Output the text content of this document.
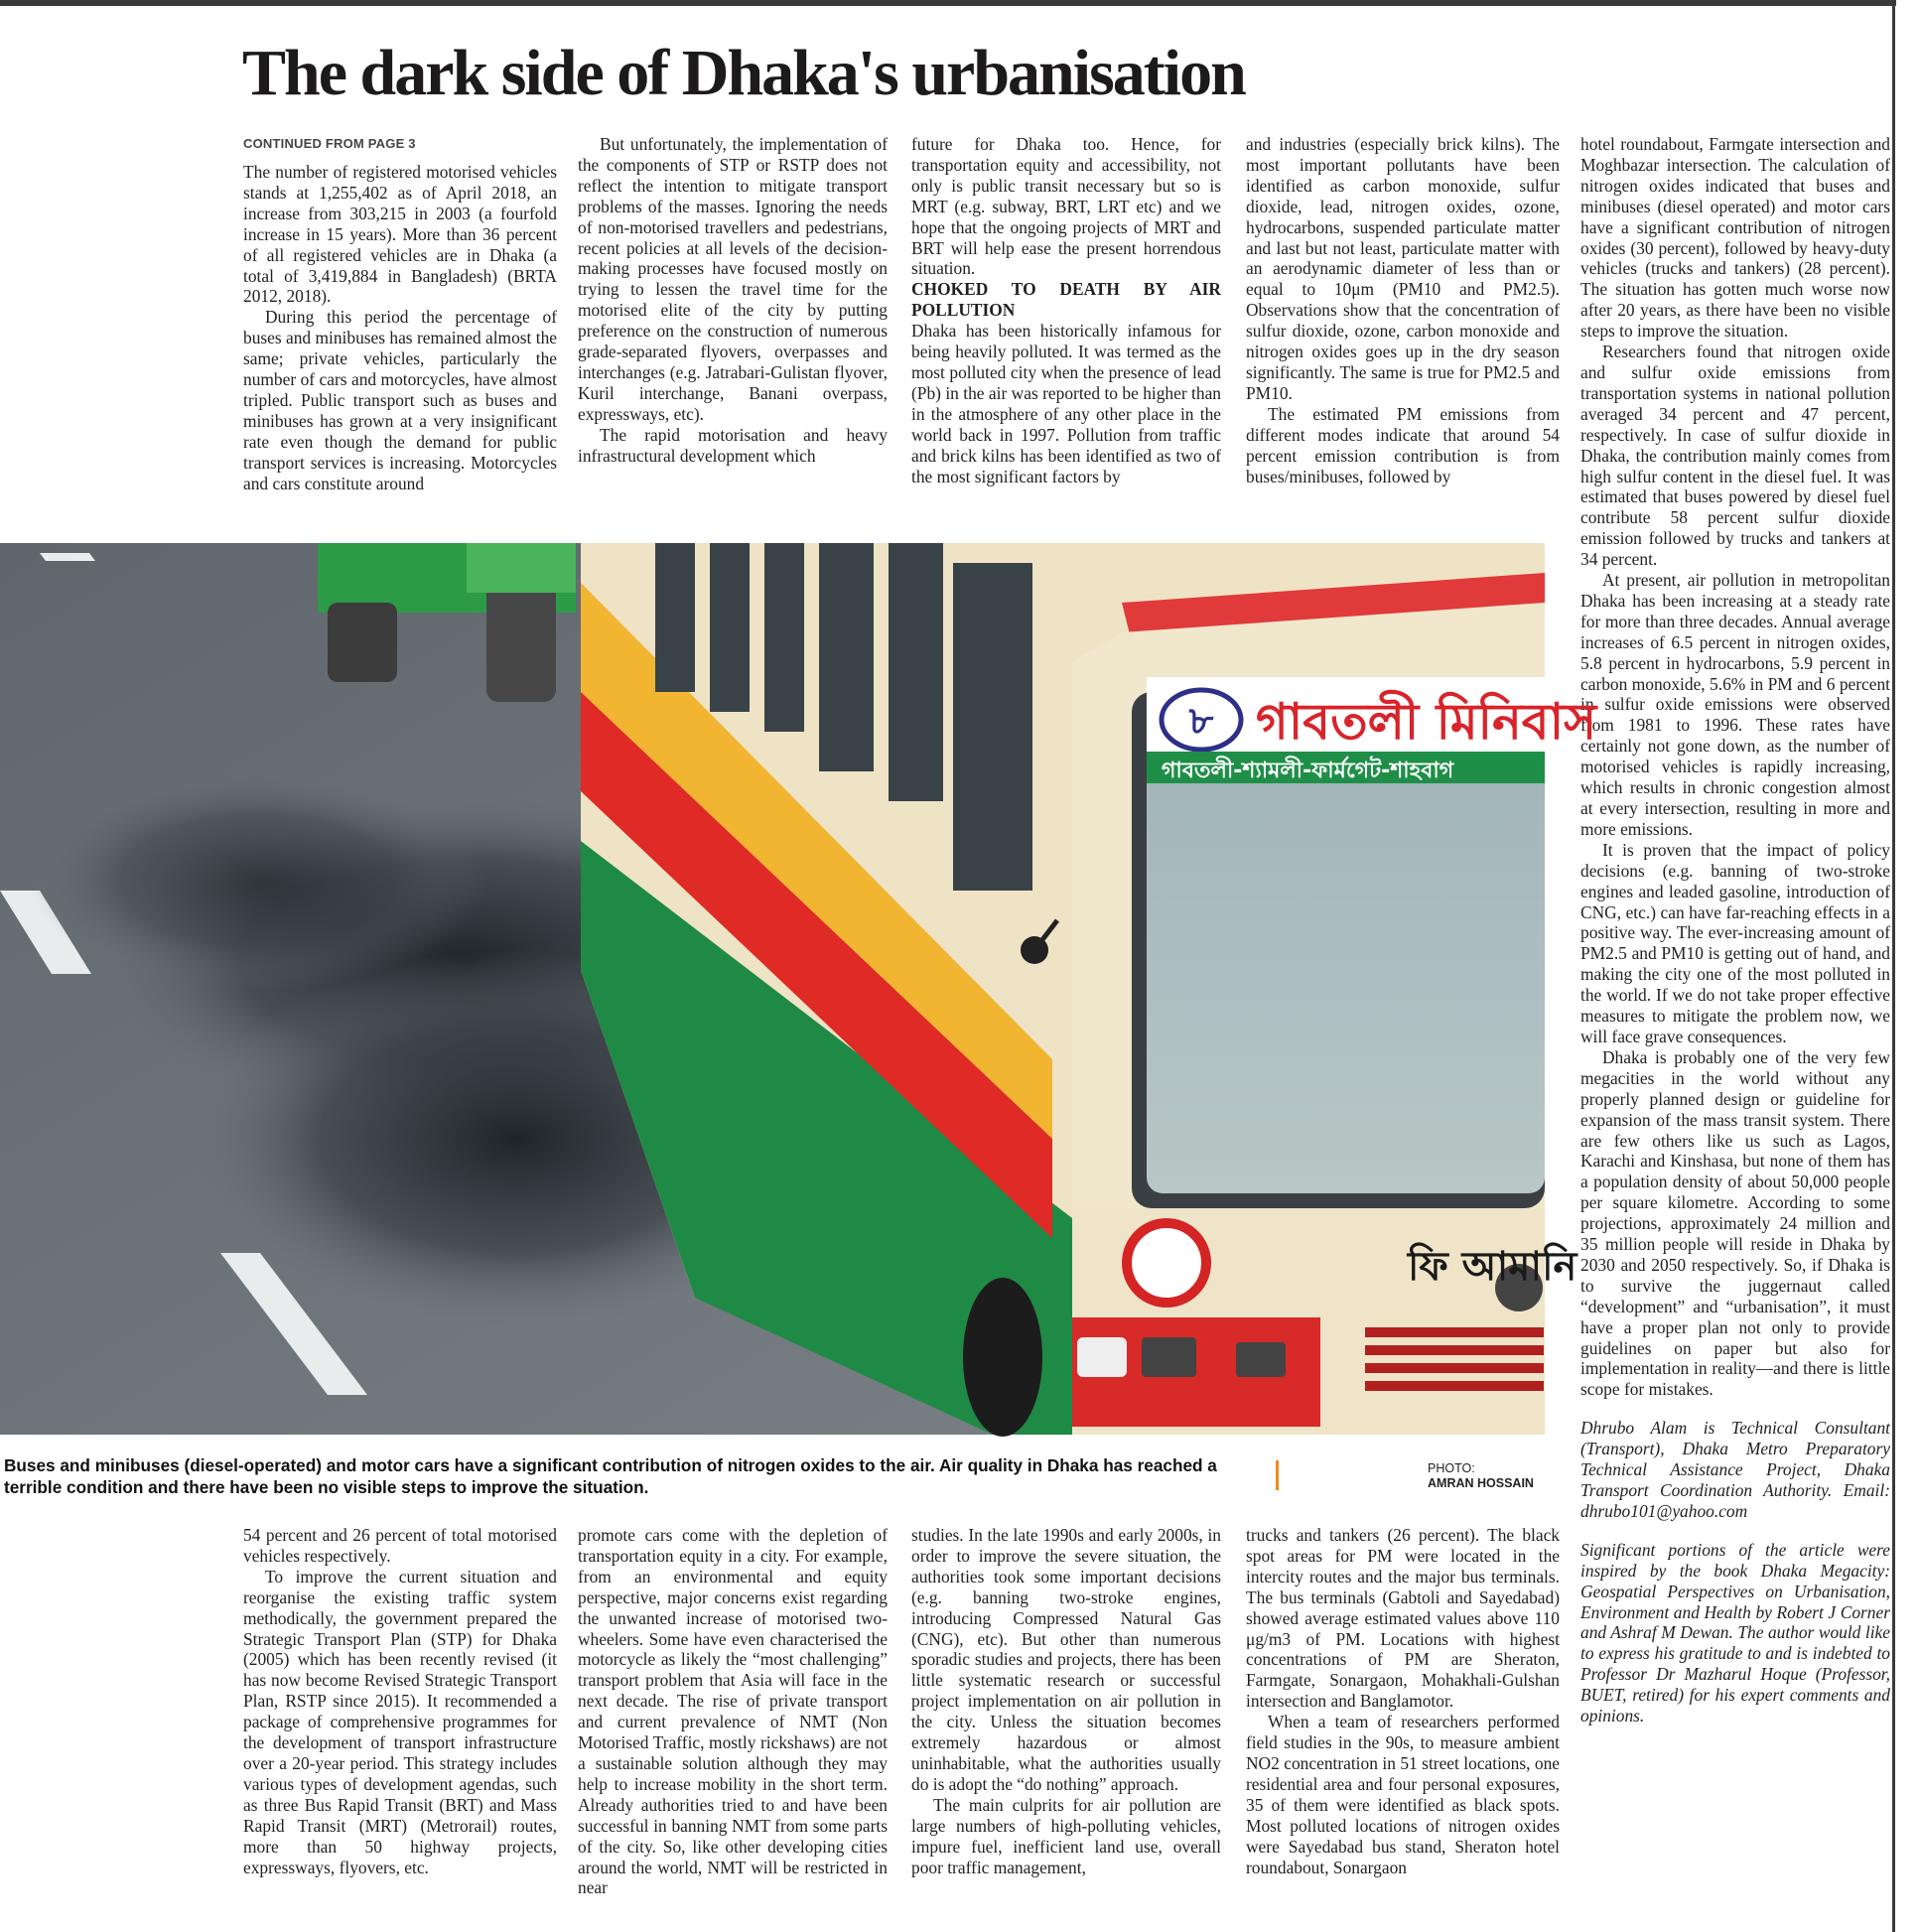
The dark side of Dhaka's urbanisation
CONTINUED FROM PAGE 3

The number of registered motorised vehicles stands at 1,255,402 as of April 2018, an increase from 303,215 in 2003 (a fourfold increase in 15 years). More than 36 percent of all registered vehicles are in Dhaka (a total of 3,419,884 in Bangladesh) (BRTA 2012, 2018).

During this period the percentage of buses and minibuses has remained almost the same; private vehicles, particularly the number of cars and motorcycles, have almost tripled. Public transport such as buses and minibuses has grown at a very insignificant rate even though the demand for public transport services is increasing. Motorcycles and cars constitute around

But unfortunately, the implementation of the components of STP or RSTP does not reflect the intention to mitigate transport problems of the masses. Ignoring the needs of non-motorised travellers and pedestrians, recent policies at all levels of the decision-making processes have focused mostly on trying to lessen the travel time for the motorised elite of the city by putting preference on the construction of numerous grade-separated flyovers, overpasses and interchanges (e.g. Jatrabari-Gulistan flyover, Kuril interchange, Banani overpass, expressways, etc).

The rapid motorisation and heavy infrastructural development which

future for Dhaka too. Hence, for transportation equity and accessibility, not only is public transit necessary but so is MRT (e.g. subway, BRT, LRT etc) and we hope that the ongoing projects of MRT and BRT will help ease the present horrendous situation.

CHOKED TO DEATH BY AIR POLLUTION

Dhaka has been historically infamous for being heavily polluted. It was termed as the most polluted city when the presence of lead (Pb) in the air was reported to be higher than in the atmosphere of any other place in the world back in 1997. Pollution from traffic and brick kilns has been identified as two of the most significant factors by

and industries (especially brick kilns). The most important pollutants have been identified as carbon monoxide, sulfur dioxide, lead, nitrogen oxides, ozone, hydrocarbons, suspended particulate matter and last but not least, particulate matter with an aerodynamic diameter of less than or equal to 10μm (PM10 and PM2.5). Observations show that the concentration of sulfur dioxide, ozone, carbon monoxide and nitrogen oxides goes up in the dry season significantly. The same is true for PM2.5 and PM10.

The estimated PM emissions from different modes indicate that around 54 percent emission contribution is from buses/minibuses, followed by

hotel roundabout, Farmgate intersection and Moghbazar intersection. The calculation of nitrogen oxides indicated that buses and minibuses (diesel operated) and motor cars have a significant contribution of nitrogen oxides (30 percent), followed by heavy-duty vehicles (trucks and tankers) (28 percent). The situation has gotten much worse now after 20 years, as there have been no visible steps to improve the situation.

Researchers found that nitrogen oxide and sulfur oxide emissions from transportation systems in national pollution averaged 34 percent and 47 percent, respectively. In case of sulfur dioxide in Dhaka, the contribution mainly comes from high sulfur content in the diesel fuel. It was estimated that buses powered by diesel fuel contribute 58 percent sulfur dioxide emission followed by trucks and tankers at 34 percent.

At present, air pollution in metropolitan Dhaka has been increasing at a steady rate for more than three decades. Annual average increases of 6.5 percent in nitrogen oxides, 5.8 percent in hydrocarbons, 5.9 percent in carbon monoxide, 5.6% in PM and 6 percent in sulfur oxide emissions were observed from 1981 to 1996. These rates have certainly not gone down, as the number of motorised vehicles is rapidly increasing, which results in chronic congestion almost at every intersection, resulting in more and more emissions.

It is proven that the impact of policy decisions (e.g. banning of two-stroke engines and leaded gasoline, introduction of CNG, etc.) can have far-reaching effects in a positive way. The ever-increasing amount of PM2.5 and PM10 is getting out of hand, and making the city one of the most polluted in the world. If we do not take proper effective measures to mitigate the problem now, we will face grave consequences.

Dhaka is probably one of the very few megacities in the world without any properly planned design or guideline for expansion of the mass transit system. There are few others like us such as Lagos, Karachi and Kinshasa, but none of them has a population density of about 50,000 people per square kilometre. According to some projections, approximately 24 million and 35 million people will reside in Dhaka by 2030 and 2050 respectively. So, if Dhaka is to survive the juggernaut called “development” and “urbanisation”, it must have a proper plan not only to provide guidelines on paper but also for implementation in reality—and there is little scope for mistakes.

Dhrubo Alam is Technical Consultant (Transport), Dhaka Metro Preparatory Technical Assistance Project, Dhaka Transport Coordination Authority. Email: dhrubo101@yahoo.com

Significant portions of the article were inspired by the book Dhaka Megacity: Geospatial Perspectives on Urbanisation, Environment and Health by Robert J Corner and Ashraf M Dewan. The author would like to express his gratitude to and is indebted to Professor Dr Mazharul Hoque (Professor, BUET, retired) for his expert comments and opinions.

৮ গাবতলী মিনিবাস
গাবতলী-শ্যামলী-ফার্মগেট-শাহবাগ
ফি আমানি
Buses and minibuses (diesel-operated) and motor cars have a significant contribution of nitrogen oxides to the air. Air quality in Dhaka has reached a terrible condition and there have been no visible steps to improve the situation.
PHOTO:
AMRAN HOSSAIN

54 percent and 26 percent of total motorised vehicles respectively.

To improve the current situation and reorganise the existing traffic system methodically, the government prepared the Strategic Transport Plan (STP) for Dhaka (2005) which has been recently revised (it has now become Revised Strategic Transport Plan, RSTP since 2015). It recommended a package of comprehensive programmes for the development of transport infrastructure over a 20-year period. This strategy includes various types of development agendas, such as three Bus Rapid Transit (BRT) and Mass Rapid Transit (MRT) (Metrorail) routes, more than 50 highway projects, expressways, flyovers, etc.

promote cars come with the depletion of transportation equity in a city. For example, from an environmental and equity perspective, major concerns exist regarding the unwanted increase of motorised two-wheelers. Some have even characterised the motorcycle as likely the “most challenging” transport problem that Asia will face in the next decade. The rise of private transport and current prevalence of NMT (Non Motorised Traffic, mostly rickshaws) are not a sustainable solution although they may help to increase mobility in the short term. Already authorities tried to and have been successful in banning NMT from some parts of the city. So, like other developing cities around the world, NMT will be restricted in near

studies. In the late 1990s and early 2000s, in order to improve the severe situation, the authorities took some important decisions (e.g. banning two-stroke engines, introducing Compressed Natural Gas (CNG), etc). But other than numerous sporadic studies and projects, there has been little systematic research or successful project implementation on air pollution in the city. Unless the situation becomes extremely hazardous or almost uninhabitable, what the authorities usually do is adopt the “do nothing” approach.

The main culprits for air pollution are large numbers of high-polluting vehicles, impure fuel, inefficient land use, overall poor traffic management,

trucks and tankers (26 percent). The black spot areas for PM were located in the intercity routes and the major bus terminals. The bus terminals (Gabtoli and Sayedabad) showed average estimated values above 110 μg/m3 of PM. Locations with highest concentrations of PM are Sheraton, Farmgate, Sonargaon, Mohakhali-Gulshan intersection and Banglamotor.

When a team of researchers performed field studies in the 90s, to measure ambient NO2 concentration in 51 street locations, one residential area and four personal exposures, 35 of them were identified as black spots. Most polluted locations of nitrogen oxides were Sayedabad bus stand, Sheraton hotel roundabout, Sonargaon
